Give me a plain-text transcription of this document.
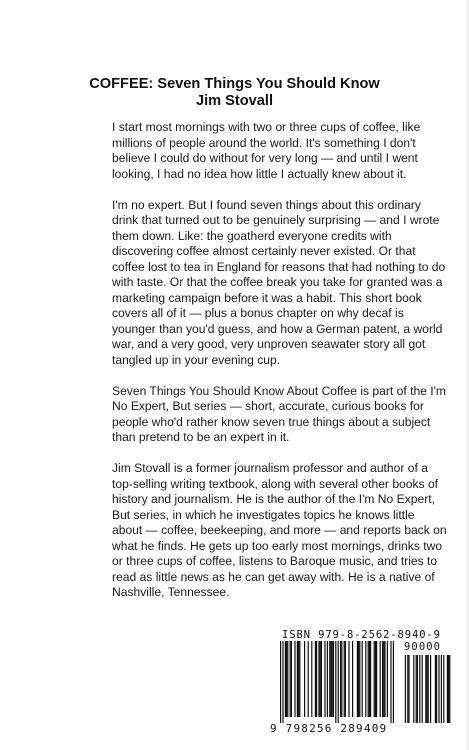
COFFEE: Seven Things You Should Know
Jim Stovall

I start most mornings with two or three cups of coffee, like millions of people around the world. It's something I don't believe I could do without for very long — and until I went looking, I had no idea how little I actually knew about it.

I'm no expert. But I found seven things about this ordinary drink that turned out to be genuinely surprising — and I wrote them down. Like: the goatherd everyone credits with discovering coffee almost certainly never existed. Or that coffee lost to tea in England for reasons that had nothing to do with taste. Or that the coffee break you take for granted was a marketing campaign before it was a habit. This short book covers all of it — plus a bonus chapter on why decaf is younger than you'd guess, and how a German patent, a world war, and a very good, very unproven seawater story all got tangled up in your evening cup.

Seven Things You Should Know About Coffee is part of the I'm No Expert, But series — short, accurate, curious books for people who'd rather know seven true things about a subject than pretend to be an expert in it.

Jim Stovall is a former journalism professor and author of a top-selling writing textbook, along with several other books of history and journalism. He is the author of the I'm No Expert, But series, in which he investigates topics he knows little about — coffee, beekeeping, and more — and reports back on what he finds. He gets up too early most mornings, drinks two or three cups of coffee, listens to Baroque music, and tries to read as little news as he can get away with. He is a native of Nashville, Tennessee.

ISBN 979-8-2562-8940-9
9 798256 289409
90000
